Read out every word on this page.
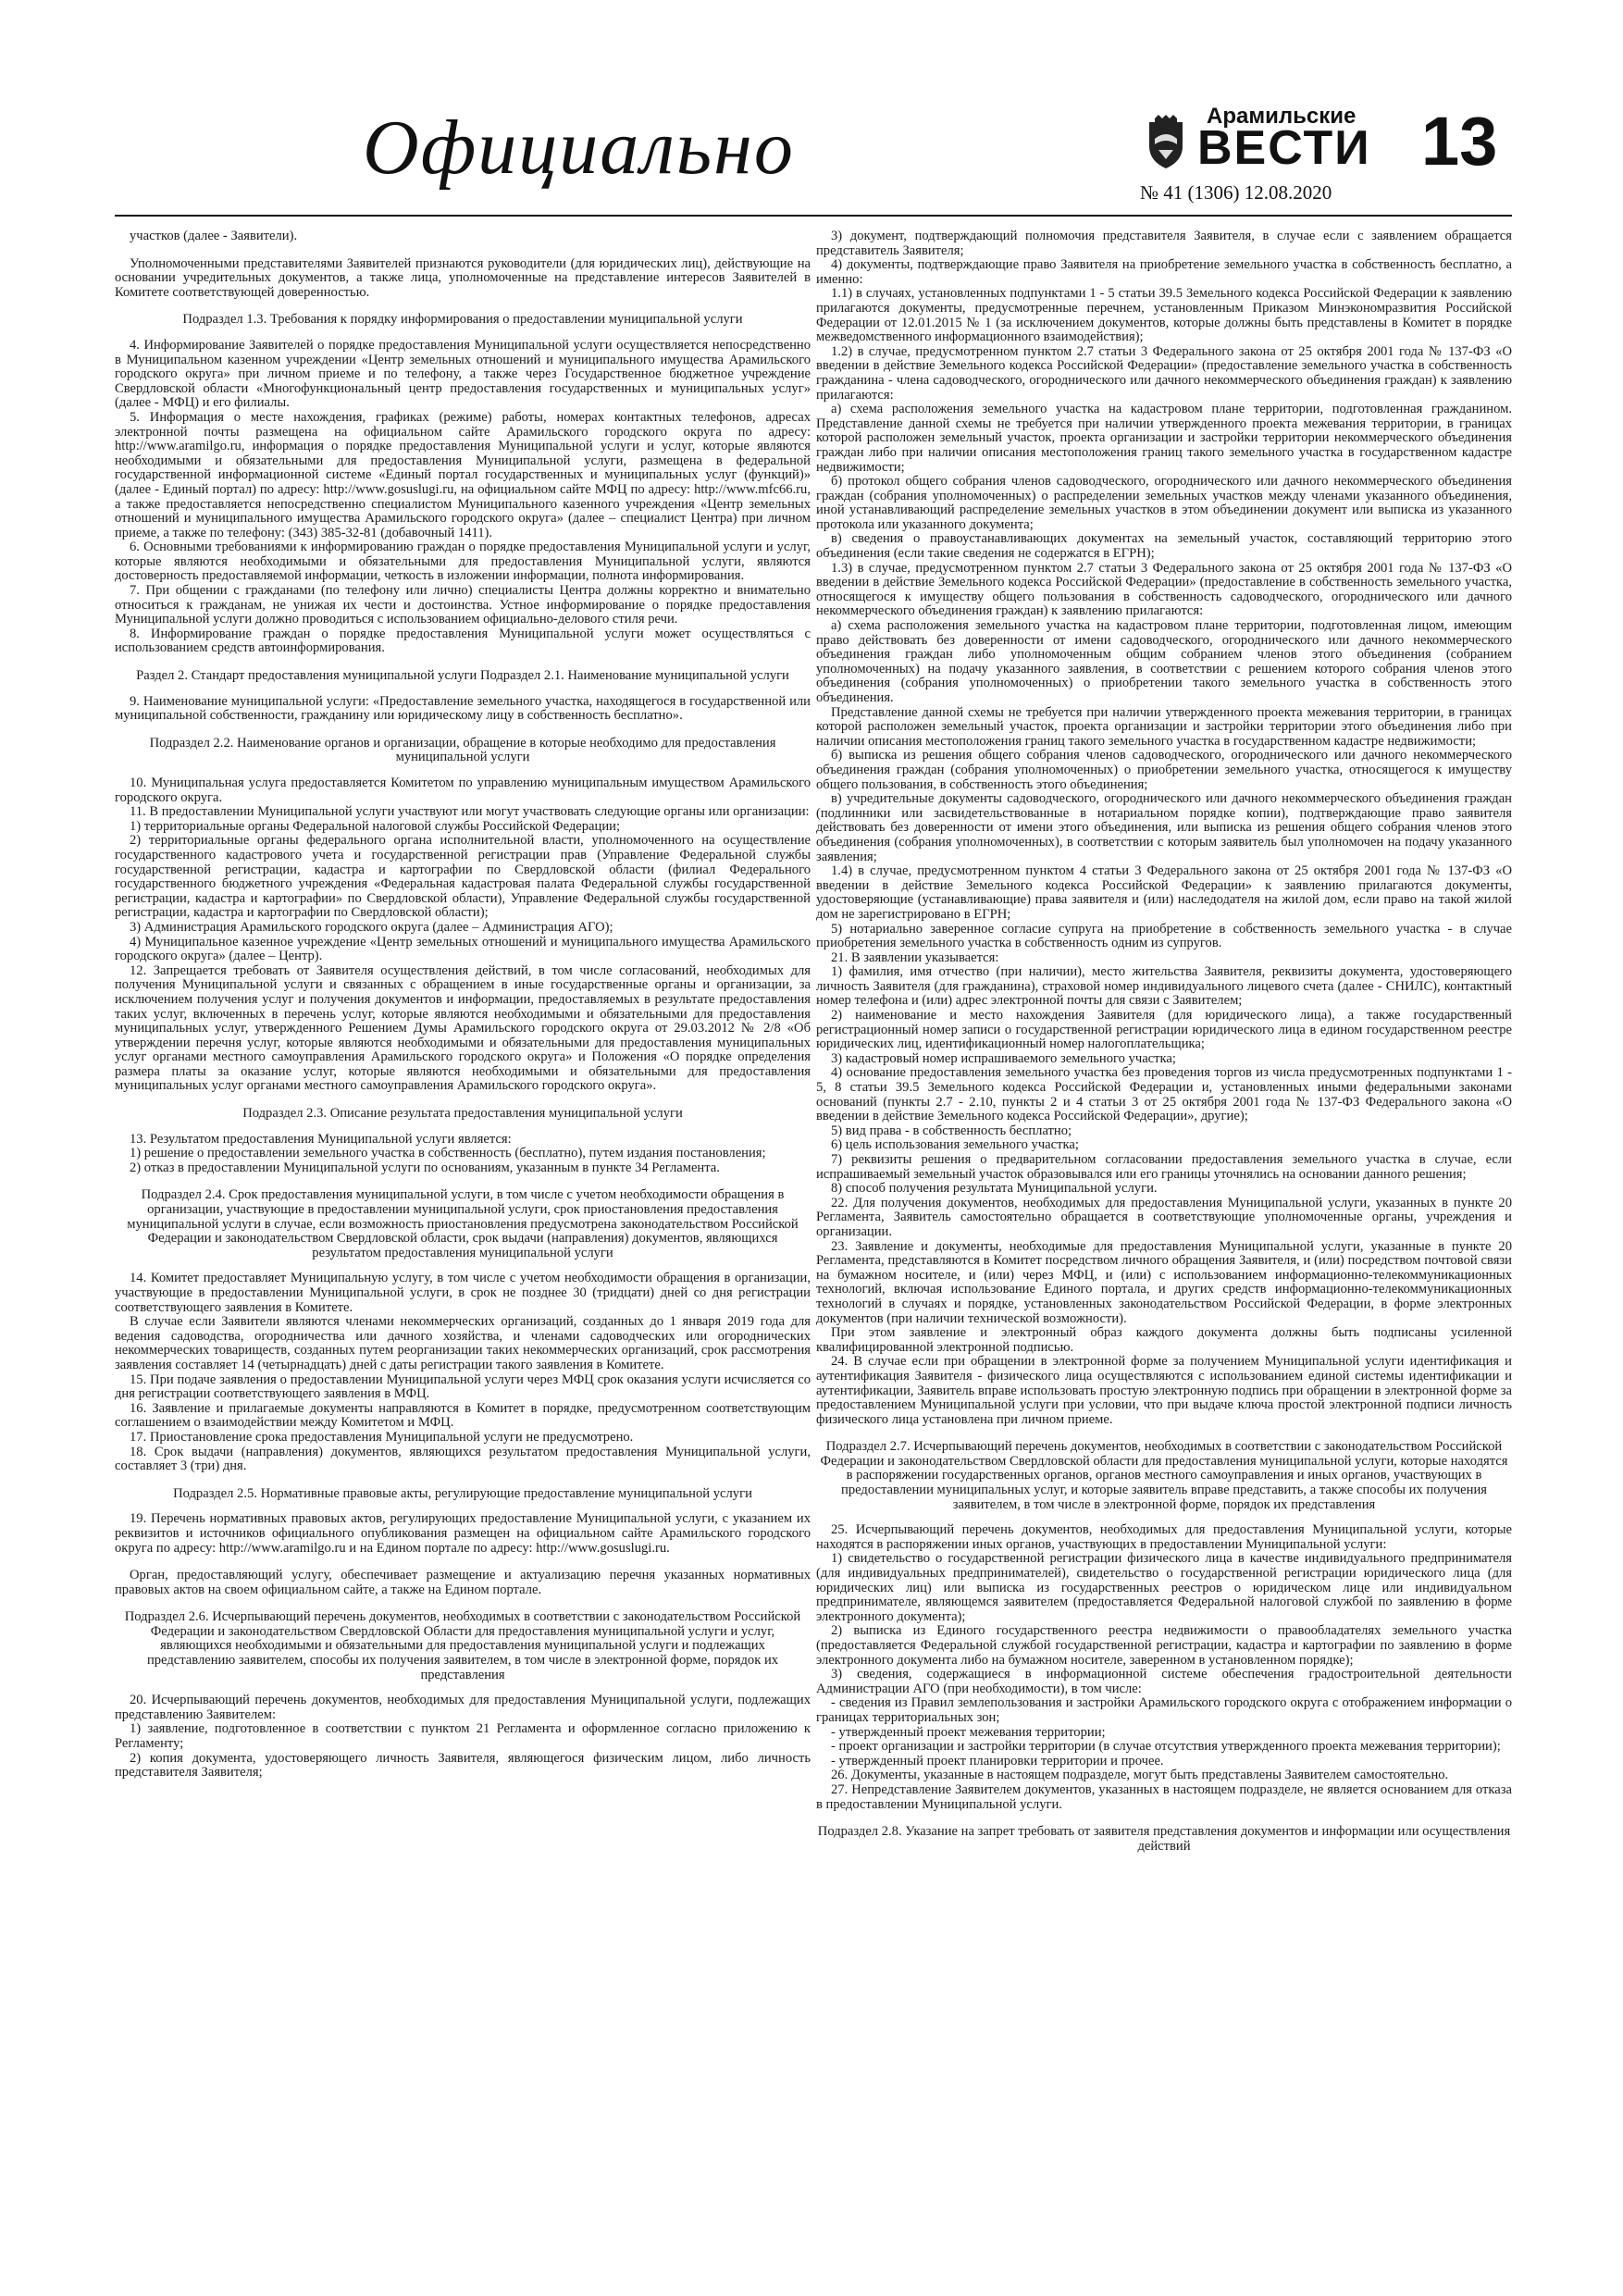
Официально	Арамильские
ВЕСТИ 13
№ 41 (1306) 12.08.2020

участков (далее - Заявители).

Уполномоченными представителями Заявителей признаются руководители (для юридических лиц), действующие на основании учредительных документов, а также лица, уполномоченные на представление интересов Заявителей в Комитете соответствующей доверенностью.

Подраздел 1.3. Требования к порядку информирования о предоставлении муниципальной услуги

4. Информирование Заявителей о порядке предоставления Муниципальной услуги осуществляется непосредственно в Муниципальном казенном учреждении «Центр земельных отношений и муниципального имущества Арамильского городского округа» при личном приеме и по телефону, а также через Государственное бюджетное учреждение Свердловской области «Многофункциональный центр предоставления государственных и муниципальных услуг» (далее - МФЦ) и его филиалы.

5. Информация о месте нахождения, графиках (режиме) работы, номерах контактных телефонов, адресах электронной почты размещена на официальном сайте Арамильского городского округа по адресу: http://www.aramilgo.ru, информация о порядке предоставления Муниципальной услуги и услуг, которые являются необходимыми и обязательными для предоставления Муниципальной услуги, размещена в федеральной государственной информационной системе «Единый портал государственных и муниципальных услуг (функций)» (далее - Единый портал) по адресу: http://www.gosuslugi.ru, на официальном сайте МФЦ по адресу: http://www.mfc66.ru, а также предоставляется непосредственно специалистом Муниципального казенного учреждения «Центр земельных отношений и муниципального имущества Арамильского городского округа» (далее – специалист Центра) при личном приеме, а также по телефону: (343) 385-32-81 (добавочный 1411).

6. Основными требованиями к информированию граждан о порядке предоставления Муниципальной услуги и услуг, которые являются необходимыми и обязательными для предоставления Муниципальной услуги, являются достоверность предоставляемой информации, четкость в изложении информации, полнота информирования.

7. При общении с гражданами (по телефону или лично) специалисты Центра должны корректно и внимательно относиться к гражданам, не унижая их чести и достоинства. Устное информирование о порядке предоставления Муниципальной услуги должно проводиться с использованием официально-делового стиля речи.

8. Информирование граждан о порядке предоставления Муниципальной услуги может осуществляться с использованием средств автоинформирования.

Раздел 2. Стандарт предоставления муниципальной услуги Подраздел 2.1. Наименование муниципальной услуги

9. Наименование муниципальной услуги: «Предоставление земельного участка, находящегося в государственной или муниципальной собственности, гражданину или юридическому лицу в собственность бесплатно».

Подраздел 2.2. Наименование органов и организации, обращение в которые необходимо для предоставления муниципальной услуги

10. Муниципальная услуга предоставляется Комитетом по управлению муниципальным имуществом Арамильского городского округа.

11. В предоставлении Муниципальной услуги участвуют или могут участвовать следующие органы или организации:

1) территориальные органы Федеральной налоговой службы Российской Федерации;

2) территориальные органы федерального органа исполнительной власти, уполномоченного на осуществление государственного кадастрового учета и государственной регистрации прав (Управление Федеральной службы государственной регистрации, кадастра и картографии по Свердловской области (филиал Федерального государственного бюджетного учреждения «Федеральная кадастровая палата Федеральной службы государственной регистрации, кадастра и картографии» по Свердловской области), Управление Федеральной службы государственной регистрации, кадастра и картографии по Свердловской области);

3) Администрация Арамильского городского округа (далее – Администрация АГО);

4) Муниципальное казенное учреждение «Центр земельных отношений и муниципального имущества Арамильского городского округа» (далее – Центр).

12. Запрещается требовать от Заявителя осуществления действий, в том числе согласований, необходимых для получения Муниципальной услуги и связанных с обращением в иные государственные органы и организации, за исключением получения услуг и получения документов и информации, предоставляемых в результате предоставления таких услуг, включенных в перечень услуг, которые являются необходимыми и обязательными для предоставления муниципальных услуг, утвержденного Решением Думы Арамильского городского округа от 29.03.2012 № 2/8 «Об утверждении перечня услуг, которые являются необходимыми и обязательными для предоставления муниципальных услуг органами местного самоуправления Арамильского городского округа» и Положения «О порядке определения размера платы за оказание услуг, которые являются необходимыми и обязательными для предоставления муниципальных услуг органами местного самоуправления Арамильского городского округа».

Подраздел 2.3. Описание результата предоставления муниципальной услуги

13. Результатом предоставления Муниципальной услуги является:

1) решение о предоставлении земельного участка в собственность (бесплатно), путем издания постановления;

2) отказ в предоставлении Муниципальной услуги по основаниям, указанным в пункте 34 Регламента.

Подраздел 2.4. Срок предоставления муниципальной услуги, в том числе с учетом необходимости обращения в организации, участвующие в предоставлении муниципальной услуги, срок приостановления предоставления муниципальной услуги в случае, если возможность приостановления предусмотрена законодательством Российской Федерации и законодательством Свердловской области, срок выдачи (направления) документов, являющихся результатом предоставления муниципальной услуги

14. Комитет предоставляет Муниципальную услугу, в том числе с учетом необходимости обращения в организации, участвующие в предоставлении Муниципальной услуги, в срок не позднее 30 (тридцати) дней со дня регистрации соответствующего заявления в Комитете.

В случае если Заявители являются членами некоммерческих организаций, созданных до 1 января 2019 года для ведения садоводства, огородничества или дачного хозяйства, и членами садоводческих или огороднических некоммерческих товариществ, созданных путем реорганизации таких некоммерческих организаций, срок рассмотрения заявления составляет 14 (четырнадцать) дней с даты регистрации такого заявления в Комитете.

15. При подаче заявления о предоставлении Муниципальной услуги через МФЦ срок оказания услуги исчисляется со дня регистрации соответствующего заявления в МФЦ.

16. Заявление и прилагаемые документы направляются в Комитет в порядке, предусмотренном соответствующим соглашением о взаимодействии между Комитетом и МФЦ.

17. Приостановление срока предоставления Муниципальной услуги не предусмотрено.

18. Срок выдачи (направления) документов, являющихся результатом предоставления Муниципальной услуги, составляет 3 (три) дня.

Подраздел 2.5. Нормативные правовые акты, регулирующие предоставление муниципальной услуги

19. Перечень нормативных правовых актов, регулирующих предоставление Муниципальной услуги, с указанием их реквизитов и источников официального опубликования размещен на официальном сайте Арамильского городского округа по адресу: http://www.aramilgo.ru и на Едином портале по адресу: http://www.gosuslugi.ru.

Орган, предоставляющий услугу, обеспечивает размещение и актуализацию перечня указанных нормативных правовых актов на своем официальном сайте, а также на Едином портале.

Подраздел 2.6. Исчерпывающий перечень документов, необходимых в соответствии с законодательством Российской Федерации и законодательством Свердловской Области для предоставления муниципальной услуги и услуг, являющихся необходимыми и обязательными для предоставления муниципальной услуги и подлежащих представлению заявителем, способы их получения заявителем, в том числе в электронной форме, порядок их представления

20. Исчерпывающий перечень документов, необходимых для предоставления Муниципальной услуги, подлежащих представлению Заявителем:

1) заявление, подготовленное в соответствии с пунктом 21 Регламента и оформленное согласно приложению к Регламенту;

2) копия документа, удостоверяющего личность Заявителя, являющегося физическим лицом, либо личность представителя Заявителя;

3) документ, подтверждающий полномочия представителя Заявителя, в случае если с заявлением обращается представитель Заявителя;

4) документы, подтверждающие право Заявителя на приобретение земельного участка в собственность бесплатно, а именно:

1.1) в случаях, установленных подпунктами 1 - 5 статьи 39.5 Земельного кодекса Российской Федерации к заявлению прилагаются документы, предусмотренные перечнем, установленным Приказом Минэкономразвития Российской Федерации от 12.01.2015 № 1 (за исключением документов, которые должны быть представлены в Комитет в порядке межведомственного информационного взаимодействия);

1.2) в случае, предусмотренном пунктом 2.7 статьи 3 Федерального закона от 25 октября 2001 года № 137-ФЗ «О введении в действие Земельного кодекса Российской Федерации» (предоставление земельного участка в собственность гражданина - члена садоводческого, огороднического или дачного некоммерческого объединения граждан) к заявлению прилагаются:

а) схема расположения земельного участка на кадастровом плане территории, подготовленная гражданином. Представление данной схемы не требуется при наличии утвержденного проекта межевания территории, в границах которой расположен земельный участок, проекта организации и застройки территории некоммерческого объединения граждан либо при наличии описания местоположения границ такого земельного участка в государственном кадастре недвижимости;

б) протокол общего собрания членов садоводческого, огороднического или дачного некоммерческого объединения граждан (собрания уполномоченных) о распределении земельных участков между членами указанного объединения, иной устанавливающий распределение земельных участков в этом объединении документ или выписка из указанного протокола или указанного документа;

в) сведения о правоустанавливающих документах на земельный участок, составляющий территорию этого объединения (если такие сведения не содержатся в ЕГРН);

1.3) в случае, предусмотренном пунктом 2.7 статьи 3 Федерального закона от 25 октября 2001 года № 137-ФЗ «О введении в действие Земельного кодекса Российской Федерации» (предоставление в собственность земельного участка, относящегося к имуществу общего пользования в собственность садоводческого, огороднического или дачного некоммерческого объединения граждан) к заявлению прилагаются:

а) схема расположения земельного участка на кадастровом плане территории, подготовленная лицом, имеющим право действовать без доверенности от имени садоводческого, огороднического или дачного некоммерческого объединения граждан либо уполномоченным общим собранием членов этого объединения (собранием уполномоченных) на подачу указанного заявления, в соответствии с решением которого собрания членов этого объединения (собрания уполномоченных) о приобретении такого земельного участка в собственность этого объединения.

Представление данной схемы не требуется при наличии утвержденного проекта межевания территории, в границах которой расположен земельный участок, проекта организации и застройки территории этого объединения либо при наличии описания местоположения границ такого земельного участка в государственном кадастре недвижимости;

б) выписка из решения общего собрания членов садоводческого, огороднического или дачного некоммерческого объединения граждан (собрания уполномоченных) о приобретении земельного участка, относящегося к имуществу общего пользования, в собственность этого объединения;

в) учредительные документы садоводческого, огороднического или дачного некоммерческого объединения граждан (подлинники или засвидетельствованные в нотариальном порядке копии), подтверждающие право заявителя действовать без доверенности от имени этого объединения, или выписка из решения общего собрания членов этого объединения (собрания уполномоченных), в соответствии с которым заявитель был уполномочен на подачу указанного заявления;

1.4) в случае, предусмотренном пунктом 4 статьи 3 Федерального закона от 25 октября 2001 года № 137-ФЗ «О введении в действие Земельного кодекса Российской Федерации» к заявлению прилагаются документы, удостоверяющие (устанавливающие) права заявителя и (или) наследодателя на жилой дом, если право на такой жилой дом не зарегистрировано в ЕГРН;

5) нотариально заверенное согласие супруга на приобретение в собственность земельного участка - в случае приобретения земельного участка в собственность одним из супругов.

21. В заявлении указывается:

1) фамилия, имя отчество (при наличии), место жительства Заявителя, реквизиты документа, удостоверяющего личность Заявителя (для гражданина), страховой номер индивидуального лицевого счета (далее - СНИЛС), контактный номер телефона и (или) адрес электронной почты для связи с Заявителем;

2) наименование и место нахождения Заявителя (для юридического лица), а также государственный регистрационный номер записи о государственной регистрации юридического лица в едином государственном реестре юридических лиц, идентификационный номер налогоплательщика;

3) кадастровый номер испрашиваемого земельного участка;

4) основание предоставления земельного участка без проведения торгов из числа предусмотренных подпунктами 1 - 5, 8 статьи 39.5 Земельного кодекса Российской Федерации и, установленных иными федеральными законами оснований (пункты 2.7 - 2.10, пункты 2 и 4 статьи 3 от 25 октября 2001 года № 137-ФЗ Федерального закона «О введении в действие Земельного кодекса Российской Федерации», другие);

5) вид права - в собственность бесплатно;

6) цель использования земельного участка;

7) реквизиты решения о предварительном согласовании предоставления земельного участка в случае, если испрашиваемый земельный участок образовывался или его границы уточнялись на основании данного решения;

8) способ получения результата Муниципальной услуги.

22. Для получения документов, необходимых для предоставления Муниципальной услуги, указанных в пункте 20 Регламента, Заявитель самостоятельно обращается в соответствующие уполномоченные органы, учреждения и организации.

23. Заявление и документы, необходимые для предоставления Муниципальной услуги, указанные в пункте 20 Регламента, представляются в Комитет посредством личного обращения Заявителя, и (или) посредством почтовой связи на бумажном носителе, и (или) через МФЦ, и (или) с использованием информационно-телекоммуникационных технологий, включая использование Единого портала, и других средств информационно-телекоммуникационных технологий в случаях и порядке, установленных законодательством Российской Федерации, в форме электронных документов (при наличии технической возможности).

При этом заявление и электронный образ каждого документа должны быть подписаны усиленной квалифицированной электронной подписью.

24. В случае если при обращении в электронной форме за получением Муниципальной услуги идентификация и аутентификация Заявителя - физического лица осуществляются с использованием единой системы идентификации и аутентификации, Заявитель вправе использовать простую электронную подпись при обращении в электронной форме за предоставлением Муниципальной услуги при условии, что при выдаче ключа простой электронной подписи личность физического лица установлена при личном приеме.

Подраздел 2.7. Исчерпывающий перечень документов, необходимых в соответствии с законодательством Российской Федерации и законодательством Свердловской области для предоставления муниципальной услуги, которые находятся в распоряжении государственных органов, органов местного самоуправления и иных органов, участвующих в предоставлении муниципальных услуг, и которые заявитель вправе представить, а также способы их получения заявителем, в том числе в электронной форме, порядок их представления

25. Исчерпывающий перечень документов, необходимых для предоставления Муниципальной услуги, которые находятся в распоряжении иных органов, участвующих в предоставлении Муниципальной услуги:

1) свидетельство о государственной регистрации физического лица в качестве индивидуального предпринимателя (для индивидуальных предпринимателей), свидетельство о государственной регистрации юридического лица (для юридических лиц) или выписка из государственных реестров о юридическом лице или индивидуальном предпринимателе, являющемся заявителем (предоставляется Федеральной налоговой службой по заявлению в форме электронного документа);

2) выписка из Единого государственного реестра недвижимости о правообладателях земельного участка (предоставляется Федеральной службой государственной регистрации, кадастра и картографии по заявлению в форме электронного документа либо на бумажном носителе, заверенном в установленном порядке);

3) сведения, содержащиеся в информационной системе обеспечения градостроительной деятельности Администрации АГО (при необходимости), в том числе:

- сведения из Правил землепользования и застройки Арамильского городского округа с отображением информации о границах территориальных зон;

- утвержденный проект межевания территории;

- проект организации и застройки территории (в случае отсутствия утвержденного проекта межевания территории);

- утвержденный проект планировки территории и прочее.

26. Документы, указанные в настоящем подразделе, могут быть представлены Заявителем самостоятельно.

27. Непредставление Заявителем документов, указанных в настоящем подразделе, не является основанием для отказа в предоставлении Муниципальной услуги.

Подраздел 2.8. Указание на запрет требовать от заявителя представления документов и информации или осуществления действий
